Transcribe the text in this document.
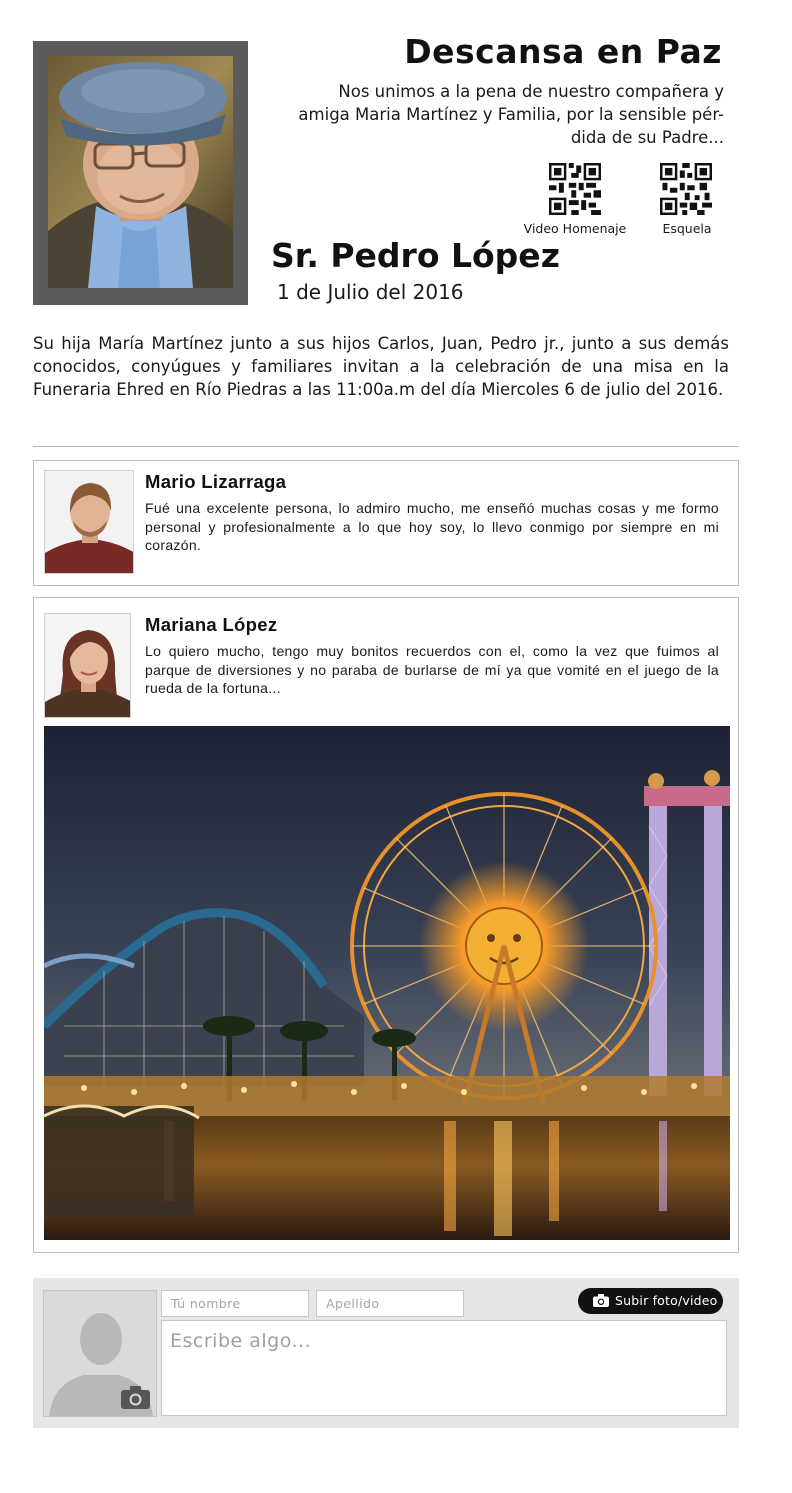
Descansa en Paz
Nos unimos a la pena de nuestro compañera y
amiga Maria Martínez y Familia, por la sensible pér-
dida de su Padre...
Video Homenaje	Esquela
Sr. Pedro López
1 de Julio del 2016
Su hija María Martínez junto a sus hijos Carlos, Juan, Pedro jr., junto a sus demás conocidos, conyúgues y familiares invitan a la celebración de una misa en la Funeraria Ehred en Río Piedras a las 11:00a.m del día Miercoles 6 de julio del 2016.
Mario Lizarraga
Fué una excelente persona, lo admiro mucho, me enseñó muchas cosas y me formo personal y profesionalmente a lo que hoy soy, lo llevo conmigo por siempre en mi corazón.
Mariana López
Lo quiero mucho, tengo muy bonitos recuerdos con el, como la vez que fuimos al parque de diversiones y no paraba de burlarse de mí ya que vomité en el juego de la rueda de la fortuna...
Tú nombre
Apellido
Subir foto/video
Escribe algo...
